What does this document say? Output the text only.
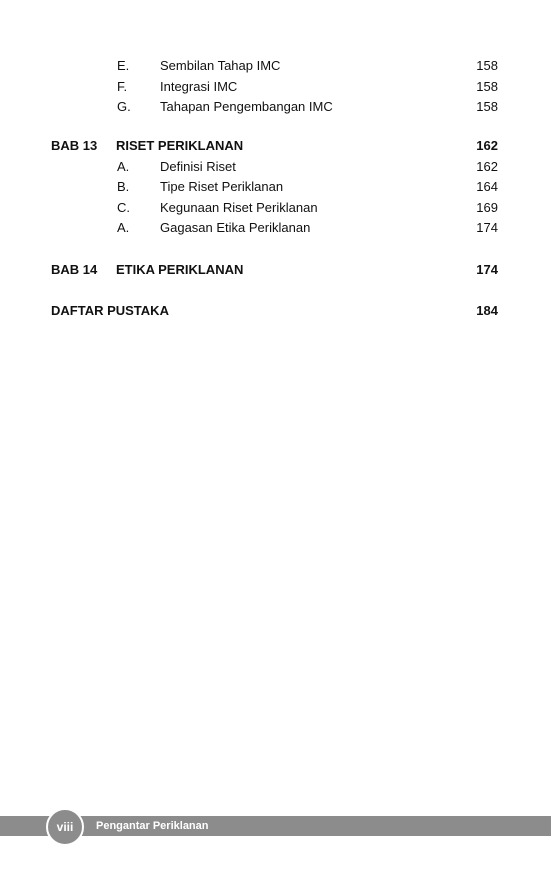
E. Sembilan Tahap IMC	158
F.	Integrasi IMC	158
G. Tahapan Pengembangan IMC	158
BAB 13 RISET PERIKLANAN	162
A. Definisi Riset	162
B. Tipe Riset Periklanan	164
C. Kegunaan Riset Periklanan	169
A. Gagasan Etika Periklanan	174
BAB 14 ETIKA PERIKLANAN	174
DAFTAR PUSTAKA	184
viii	Pengantar Periklanan
